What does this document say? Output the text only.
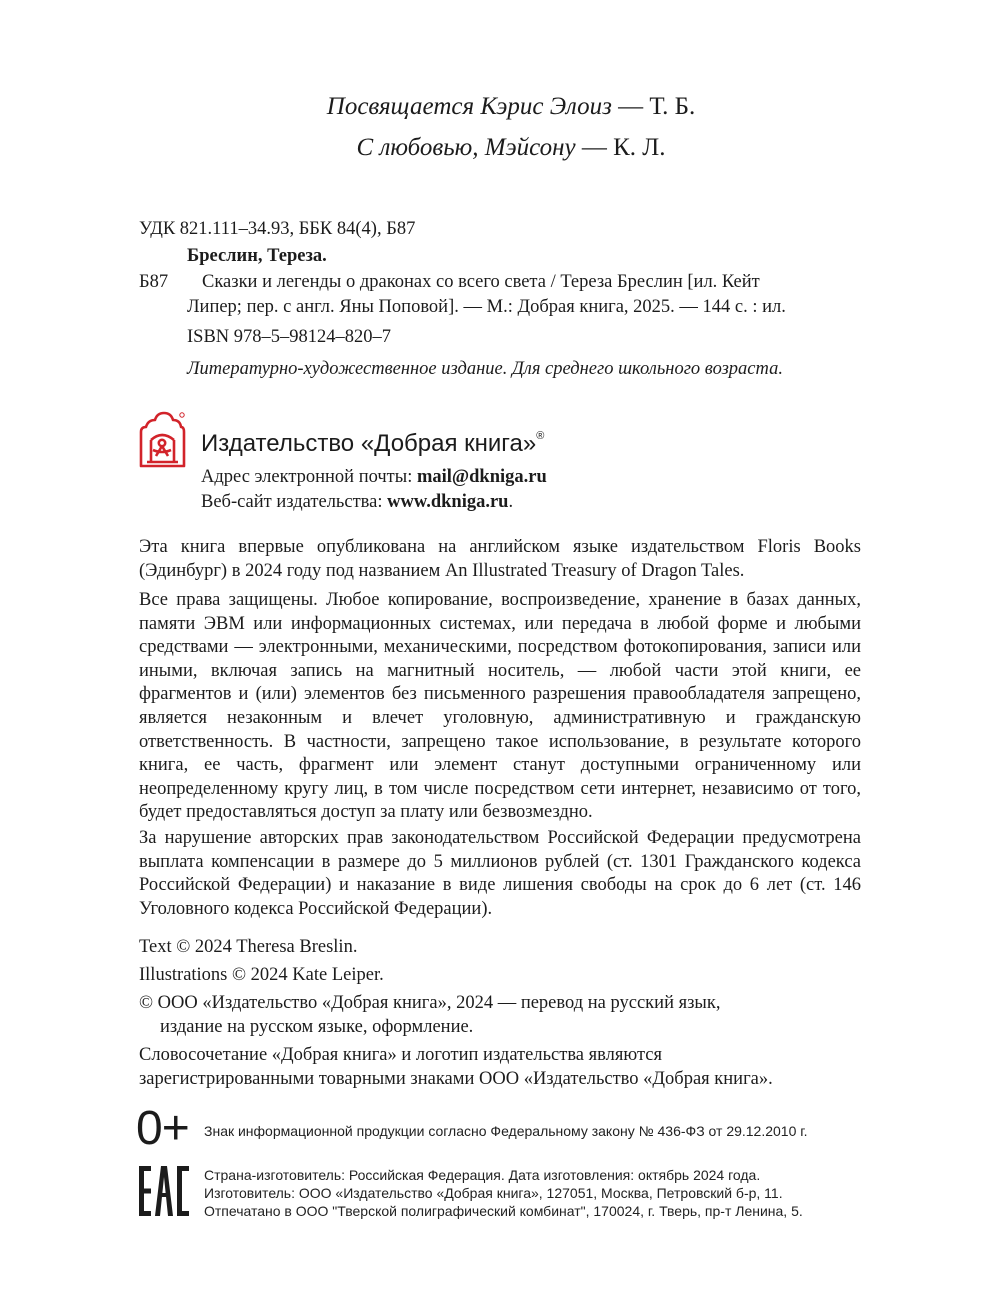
Посвящается Кэрис Элоиз — Т. Б.
С любовью, Мэйсону — К. Л.
УДК 821.111–34.93, ББК 84(4), Б87
Бреслин, Тереза.
Б87 Сказки и легенды о драконах со всего света / Тереза Бреслин [ил. Кейт
Липер; пер. с англ. Яны Поповой]. — М.: Добрая книга, 2025. — 144 с. : ил.
ISBN 978–5–98124–820–7
Литературно-художественное издание. Для среднего школьного возраста.
Издательство «Добрая книга»®
Адрес электронной почты: mail@dkniga.ru
Веб-сайт издательства: www.dkniga.ru.
Эта книга впервые опубликована на английском языке издательством Floris Books (Эдинбург) в 2024 году под названием An Illustrated Treasury of Dragon Tales.
Все права защищены. Любое копирование, воспроизведение, хранение в базах данных, памяти ЭВМ или информационных системах, или передача в любой форме и любыми средствами — электронными, механическими, посредством фотокопирования, записи или иными, включая запись на магнитный носитель, — любой части этой книги, ее фрагментов и (или) элементов без письменного разрешения правообладателя запрещено, является незаконным и влечет уголовную, административную и гражданскую ответственность. В частности, запрещено такое использование, в результате которого книга, ее часть, фрагмент или элемент станут доступными ограниченному или неопределенному кругу лиц, в том числе посредством сети интернет, независимо от того, будет предоставляться доступ за плату или безвозмездно.
За нарушение авторских прав законодательством Российской Федерации предусмотрена выплата компенсации в размере до 5 миллионов рублей (ст. 1301 Гражданского кодекса Российской Федерации) и наказание в виде лишения свободы на срок до 6 лет (ст. 146 Уголовного кодекса Российской Федерации).
Text © 2024 Theresa Breslin.
Illustrations © 2024 Kate Leiper.
© ООО «Издательство «Добрая книга», 2024 — перевод на русский язык,
издание на русском языке, оформление.
Словосочетание «Добрая книга» и логотип издательства являются
зарегистрированными товарными знаками ООО «Издательство «Добрая книга».
0+ Знак информационной продукции согласно Федеральному закону № 436-ФЗ от 29.12.2010 г.
Страна-изготовитель: Российская Федерация. Дата изготовления: октябрь 2024 года.
Изготовитель: ООО «Издательство «Добрая книга», 127051, Москва, Петровский б-р, 11.
Отпечатано в ООО "Тверской полиграфический комбинат", 170024, г. Тверь, пр-т Ленина, 5.
